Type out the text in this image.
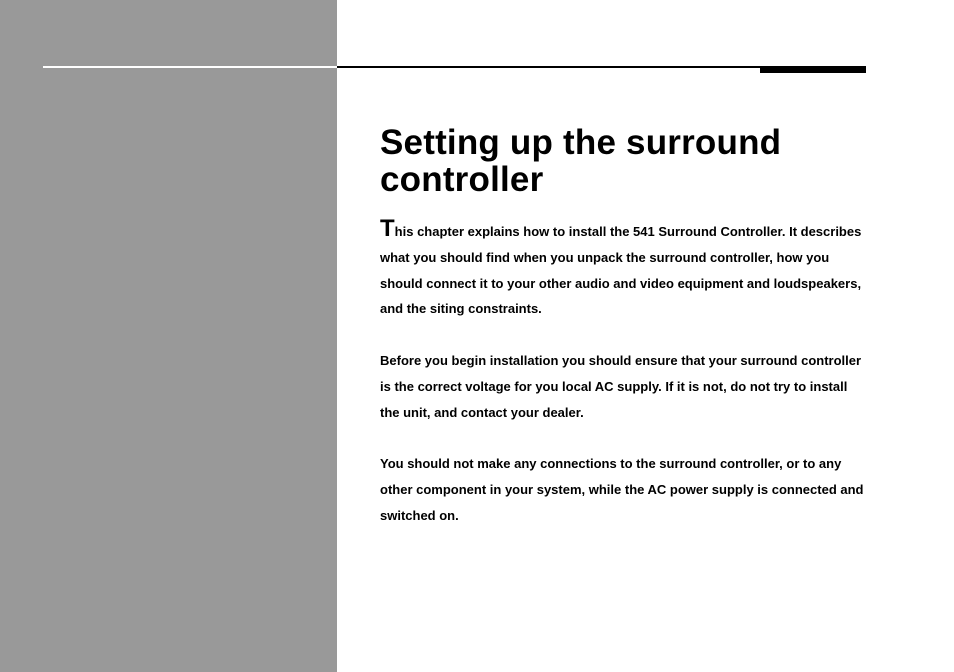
Setting up the surround controller

This chapter explains how to install the 541 Surround Controller. It describes what you should find when you unpack the surround controller, how you should connect it to your other audio and video equipment and loudspeakers, and the siting constraints.

Before you begin installation you should ensure that your surround controller is the correct voltage for you local AC supply. If it is not, do not try to install the unit, and contact your dealer.

You should not make any connections to the surround controller, or to any other component in your system, while the AC power supply is connected and switched on.
